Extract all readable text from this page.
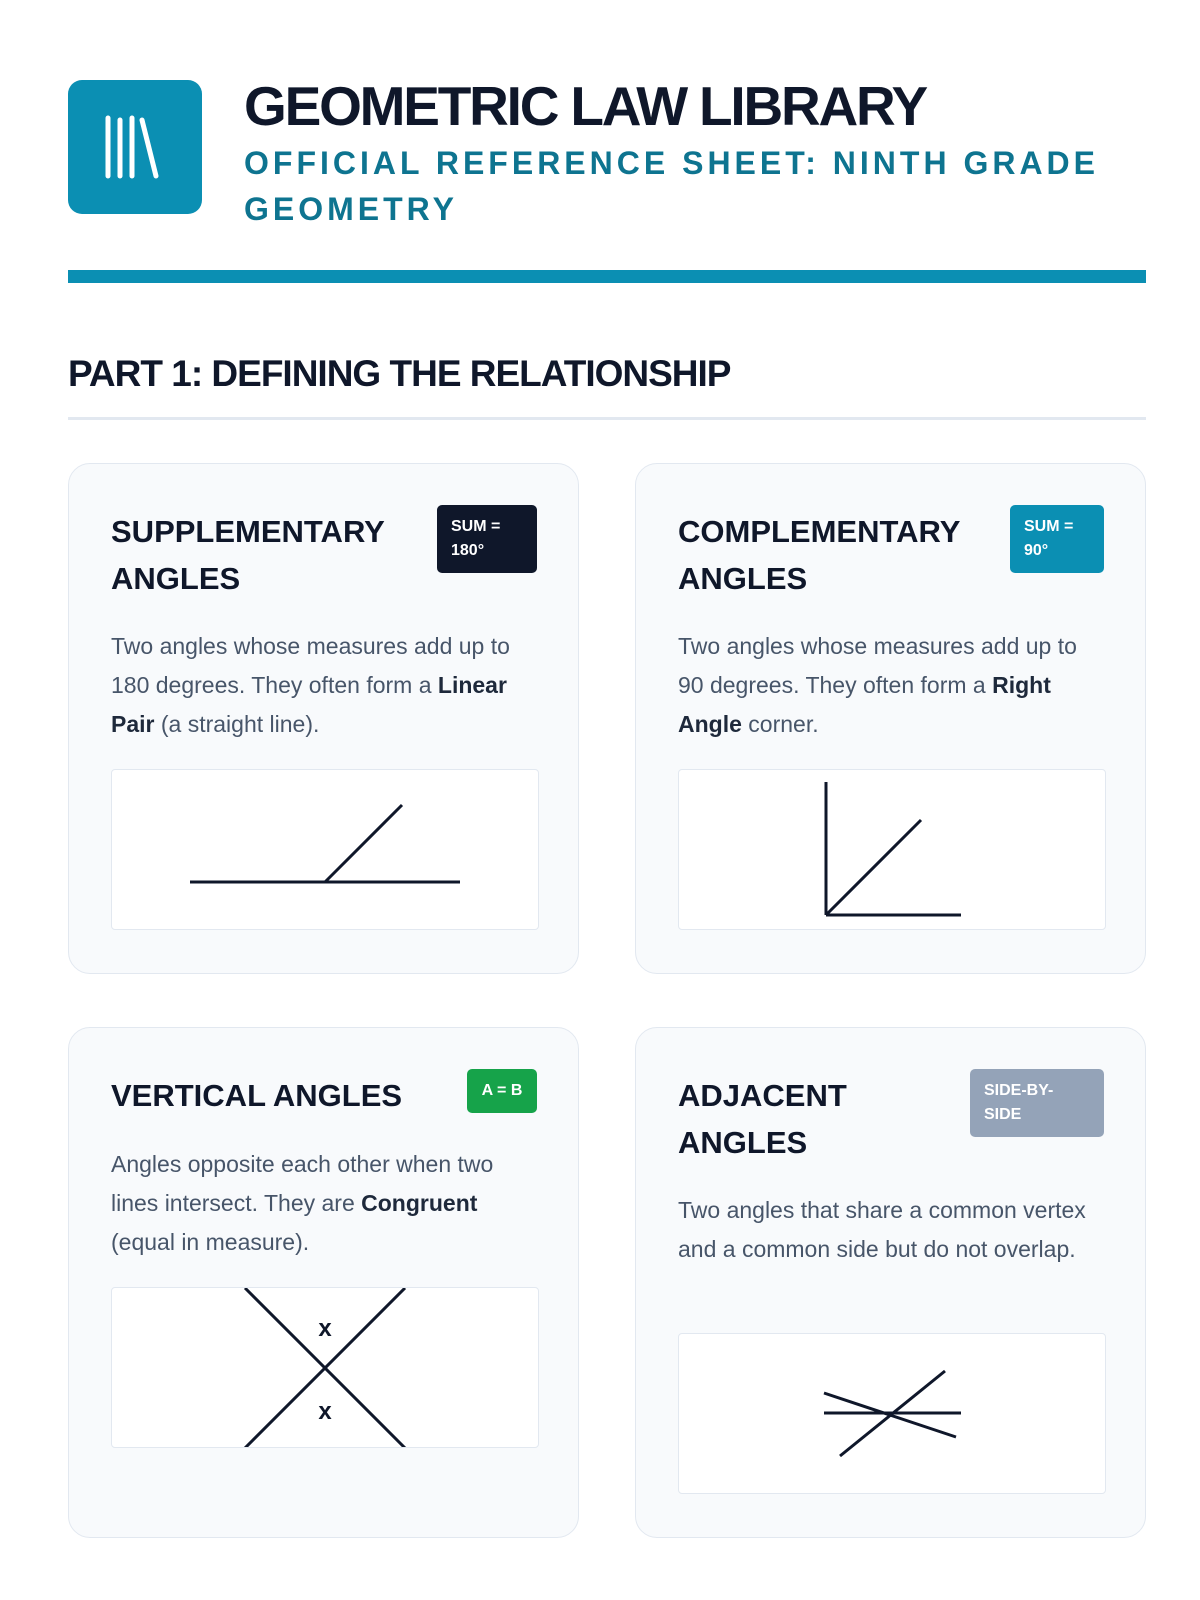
GEOMETRIC LAW LIBRARY
OFFICIAL REFERENCE SHEET: NINTH GRADE GEOMETRY
PART 1: DEFINING THE RELATIONSHIP
SUPPLEMENTARY ANGLES
SUM = 180°
Two angles whose measures add up to 180 degrees. They often form a Linear Pair (a straight line).
COMPLEMENTARY ANGLES
SUM = 90°
Two angles whose measures add up to 90 degrees. They often form a Right Angle corner.
VERTICAL ANGLES	A = B
Angles opposite each other when two lines intersect. They are Congruent (equal in measure).
x
x
ADJACENT ANGLES
SIDE-BY-SIDE
Two angles that share a common vertex and a common side but do not overlap.
